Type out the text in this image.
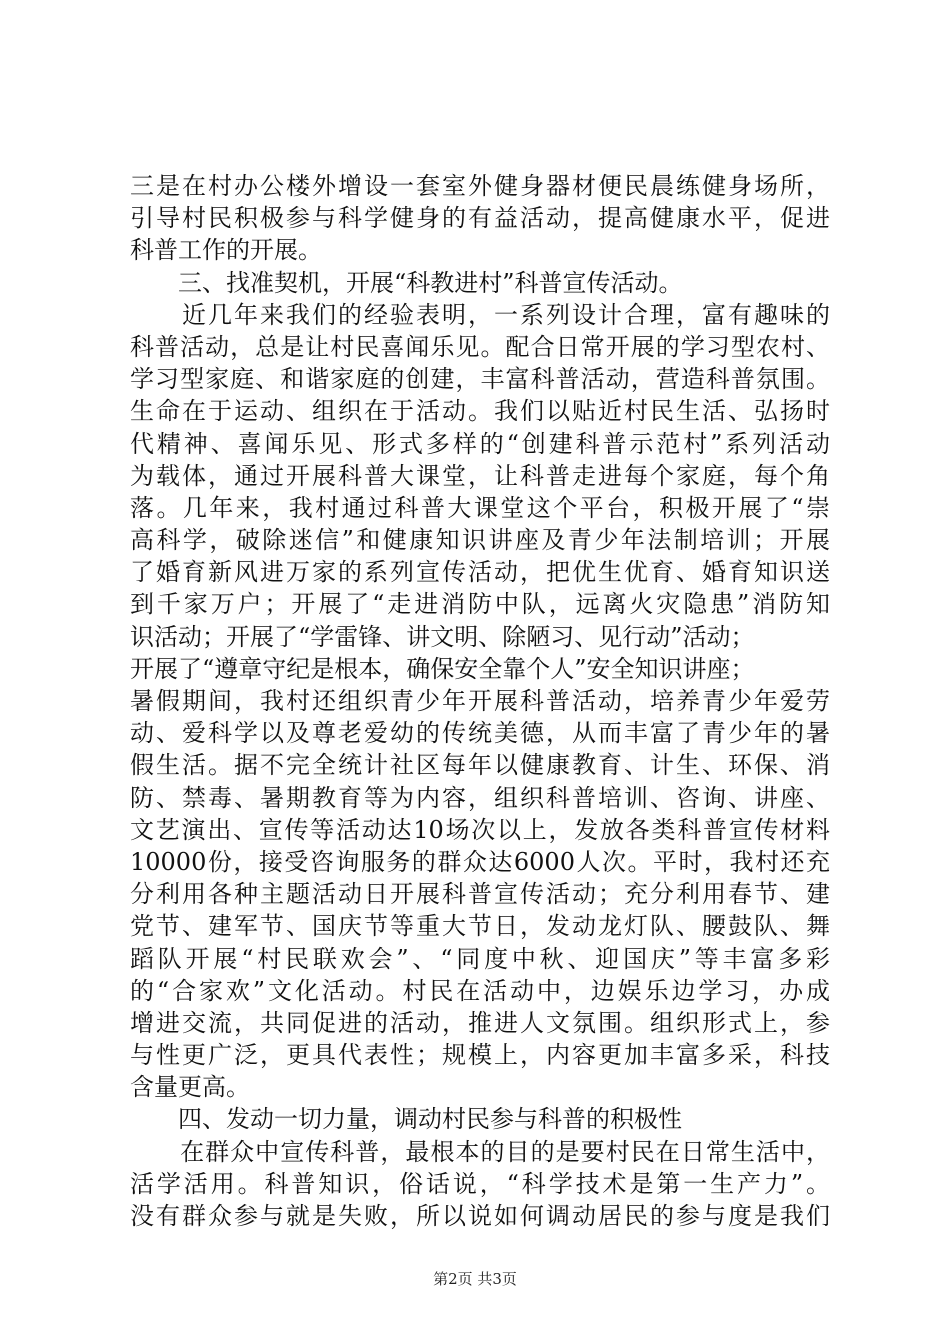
三是在村办公楼外增设一套室外健身器材便民晨练健身场所，
引导村民积极参与科学健身的有益活动，提高健康水平，促进
科普工作的开展。
　　三、找准契机，开展“科教进村”科普宣传活动。
　　近几年来我们的经验表明，一系列设计合理，富有趣味的
科普活动，总是让村民喜闻乐见。配合日常开展的学习型农村、
学习型家庭、和谐家庭的创建，丰富科普活动，营造科普氛围。
生命在于运动、组织在于活动。我们以贴近村民生活、弘扬时
代精神、喜闻乐见、形式多样的“创建科普示范村”系列活动
为载体，通过开展科普大课堂，让科普走进每个家庭，每个角
落。几年来，我村通过科普大课堂这个平台，积极开展了“崇
高科学，破除迷信”和健康知识讲座及青少年法制培训；开展
了婚育新风进万家的系列宣传活动，把优生优育、婚育知识送
到千家万户；开展了“走进消防中队，远离火灾隐患”消防知
识活动；开展了“学雷锋、讲文明、除陋习、见行动”活动；
开展了“遵章守纪是根本，确保安全靠个人”安全知识讲座；
暑假期间，我村还组织青少年开展科普活动，培养青少年爱劳
动、爱科学以及尊老爱幼的传统美德，从而丰富了青少年的暑
假生活。据不完全统计社区每年以健康教育、计生、环保、消
防、禁毒、暑期教育等为内容，组织科普培训、咨询、讲座、
文艺演出、宣传等活动达10场次以上，发放各类科普宣传材料
10000份，接受咨询服务的群众达6000人次。平时，我村还充
分利用各种主题活动日开展科普宣传活动；充分利用春节、建
党节、建军节、国庆节等重大节日，发动龙灯队、腰鼓队、舞
蹈队开展“村民联欢会”、“同度中秋、迎国庆”等丰富多彩
的“合家欢”文化活动。村民在活动中，边娱乐边学习，办成
增进交流，共同促进的活动，推进人文氛围。组织形式上，参
与性更广泛，更具代表性；规模上，内容更加丰富多采，科技
含量更高。
　　四、发动一切力量，调动村民参与科普的积极性
　　在群众中宣传科普，最根本的目的是要村民在日常生活中，
活学活用。科普知识，俗话说，“科学技术是第一生产力”。
没有群众参与就是失败，所以说如何调动居民的参与度是我们
第2页 共3页
